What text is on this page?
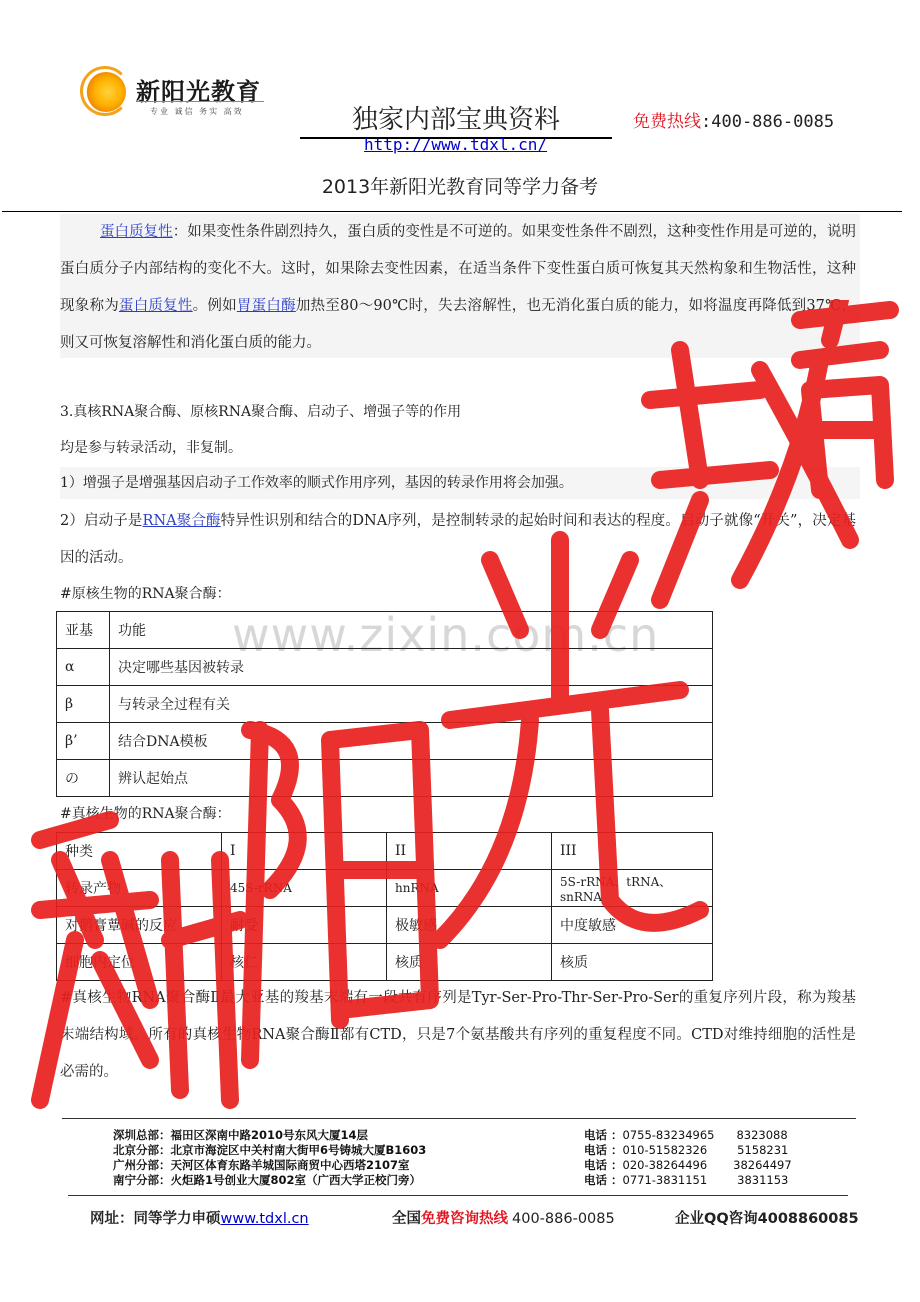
新阳光教育
专业 诚信 务实 高效	独家内部宝典资料	免费热线:400-886-0085
http://www.tdxl.cn/
2013年新阳光教育同等学力备考
www.zixin.com.cn
蛋白质复性：如果变性条件剧烈持久，蛋白质的变性是不可逆的。如果变性条件不剧烈，这种变性作用是可逆的，说明蛋白质分子内部结构的变化不大。这时，如果除去变性因素，在适当条件下变性蛋白质可恢复其天然构象和生物活性，这种现象称为蛋白质复性。例如胃蛋白酶加热至80～90℃时，失去溶解性，也无消化蛋白质的能力，如将温度再降低到37℃，则又可恢复溶解性和消化蛋白质的能力。
3.真核RNA聚合酶、原核RNA聚合酶、启动子、增强子等的作用
均是参与转录活动，非复制。
1）增强子是增强基因启动子工作效率的顺式作用序列，基因的转录作用将会加强。
2）启动子是RNA聚合酶特异性识别和结合的DNA序列，是控制转录的起始时间和表达的程度。启动子就像“开关”，决定基因的活动。
#原核生物的RNA聚合酶：
亚基	功能
α	决定哪些基因被转录
β	与转录全过程有关
β’	结合DNA模板
の	辨认起始点
#真核生物的RNA聚合酶：
种类	I	II	III
转录产物	45S-rRNA	hnRNA	5S-rRNA、tRNA、snRNA
对鹅膏蕈碱的反应	耐受	极敏感	中度敏感
细胞内定位	核仁	核质	核质
#真核生物RNA聚合酶Ⅱ最大亚基的羧基末端有一段共有序列是Tyr-Ser-Pro-Thr-Ser-Pro-Ser的重复序列片段，称为羧基末端结构域。所有的真核生物RNA聚合酶Ⅱ都有CTD，只是7个氨基酸共有序列的重复程度不同。CTD对维持细胞的活性是必需的。
深圳总部：福田区深南中路2010号东风大厦14层
北京分部：北京市海淀区中关村南大街甲6号铸城大厦B1603
广州分部：天河区体育东路羊城国际商贸中心西塔2107室
南宁分部：火炬路1号创业大厦802室（广西大学正校门旁）
电话 ：0755-83234965 8323088
电话 ：010-51582326	5158231
电话 ：020-38264496 38264497
电话 ：0771-3831151	3831153
网址：同等学力申硕www.tdxl.cn	全国免费咨询热线 400-886-0085	企业QQ咨询4008860085
